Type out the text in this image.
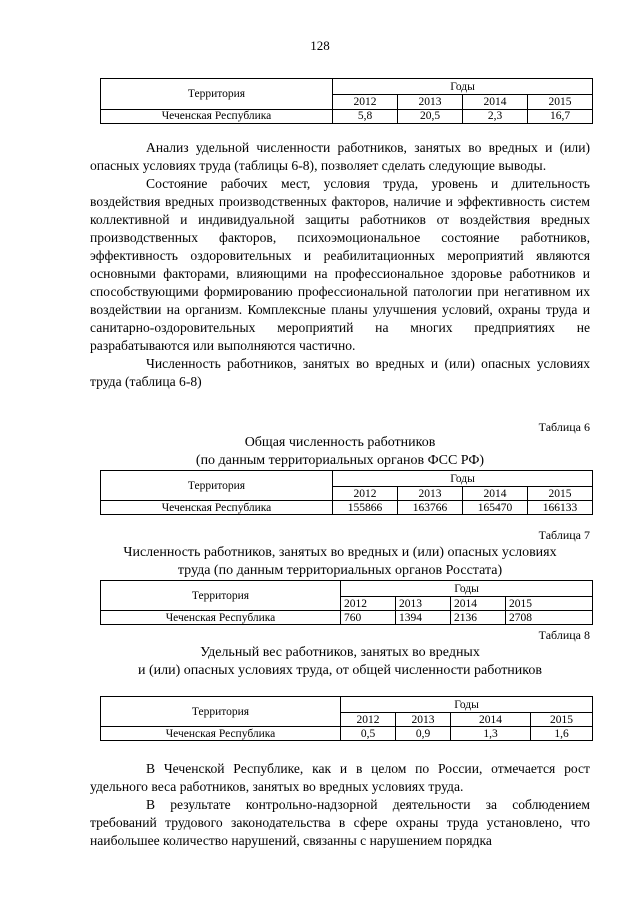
128
Территория	Годы			
	2012	2013	2014	2015
Чеченская Республика	5,8	20,5	2,3	16,7

Анализ удельной численности работников, занятых во вредных и (или) опасных условиях труда (таблицы 6-8), позволяет сделать следующие выводы.

Состояние рабочих мест, условия труда, уровень и длительность воздействия вредных производственных факторов, наличие и эффективность систем коллективной и индивидуальной защиты работников от воздействия вредных производственных факторов, психоэмоциональное состояние работников, эффективность оздоровительных и реабилитационных мероприятий являются основными факторами, влияющими на профессиональное здоровье работников и способствующими формированию профессиональной патологии при негативном их воздействии на организм. Комплексные планы улучшения условий, охраны труда и санитарно-оздоровительных мероприятий на многих предприятиях не разрабатываются или выполняются частично.

Численность работников, занятых во вредных и (или) опасных условиях труда (таблица 6-8)

Таблица 6
Общая численность работников
(по данным территориальных органов ФСС РФ)
Территория	Годы			
	2012	2013	2014	2015
Чеченская Республика	155866	163766	165470	166133
Таблица 7
Численность работников, занятых во вредных и (или) опасных условиях
труда (по данным территориальных органов Росстата)
Территория	Годы			
	2012	2013	2014	2015
Чеченская Республика	760	1394	2136	2708
Таблица 8
Удельный вес работников, занятых во вредных
и (или) опасных условиях труда, от общей численности работников
Территория	Годы			
	2012	2013	2014	2015
Чеченская Республика	0,5	0,9	1,3	1,6

В Чеченской Республике, как и в целом по России, отмечается рост удельного веса работников, занятых во вредных условиях труда.

В результате контрольно-надзорной деятельности за соблюдением требований трудового законодательства в сфере охраны труда установлено, что наибольшее количество нарушений, связанны с нарушением порядка
